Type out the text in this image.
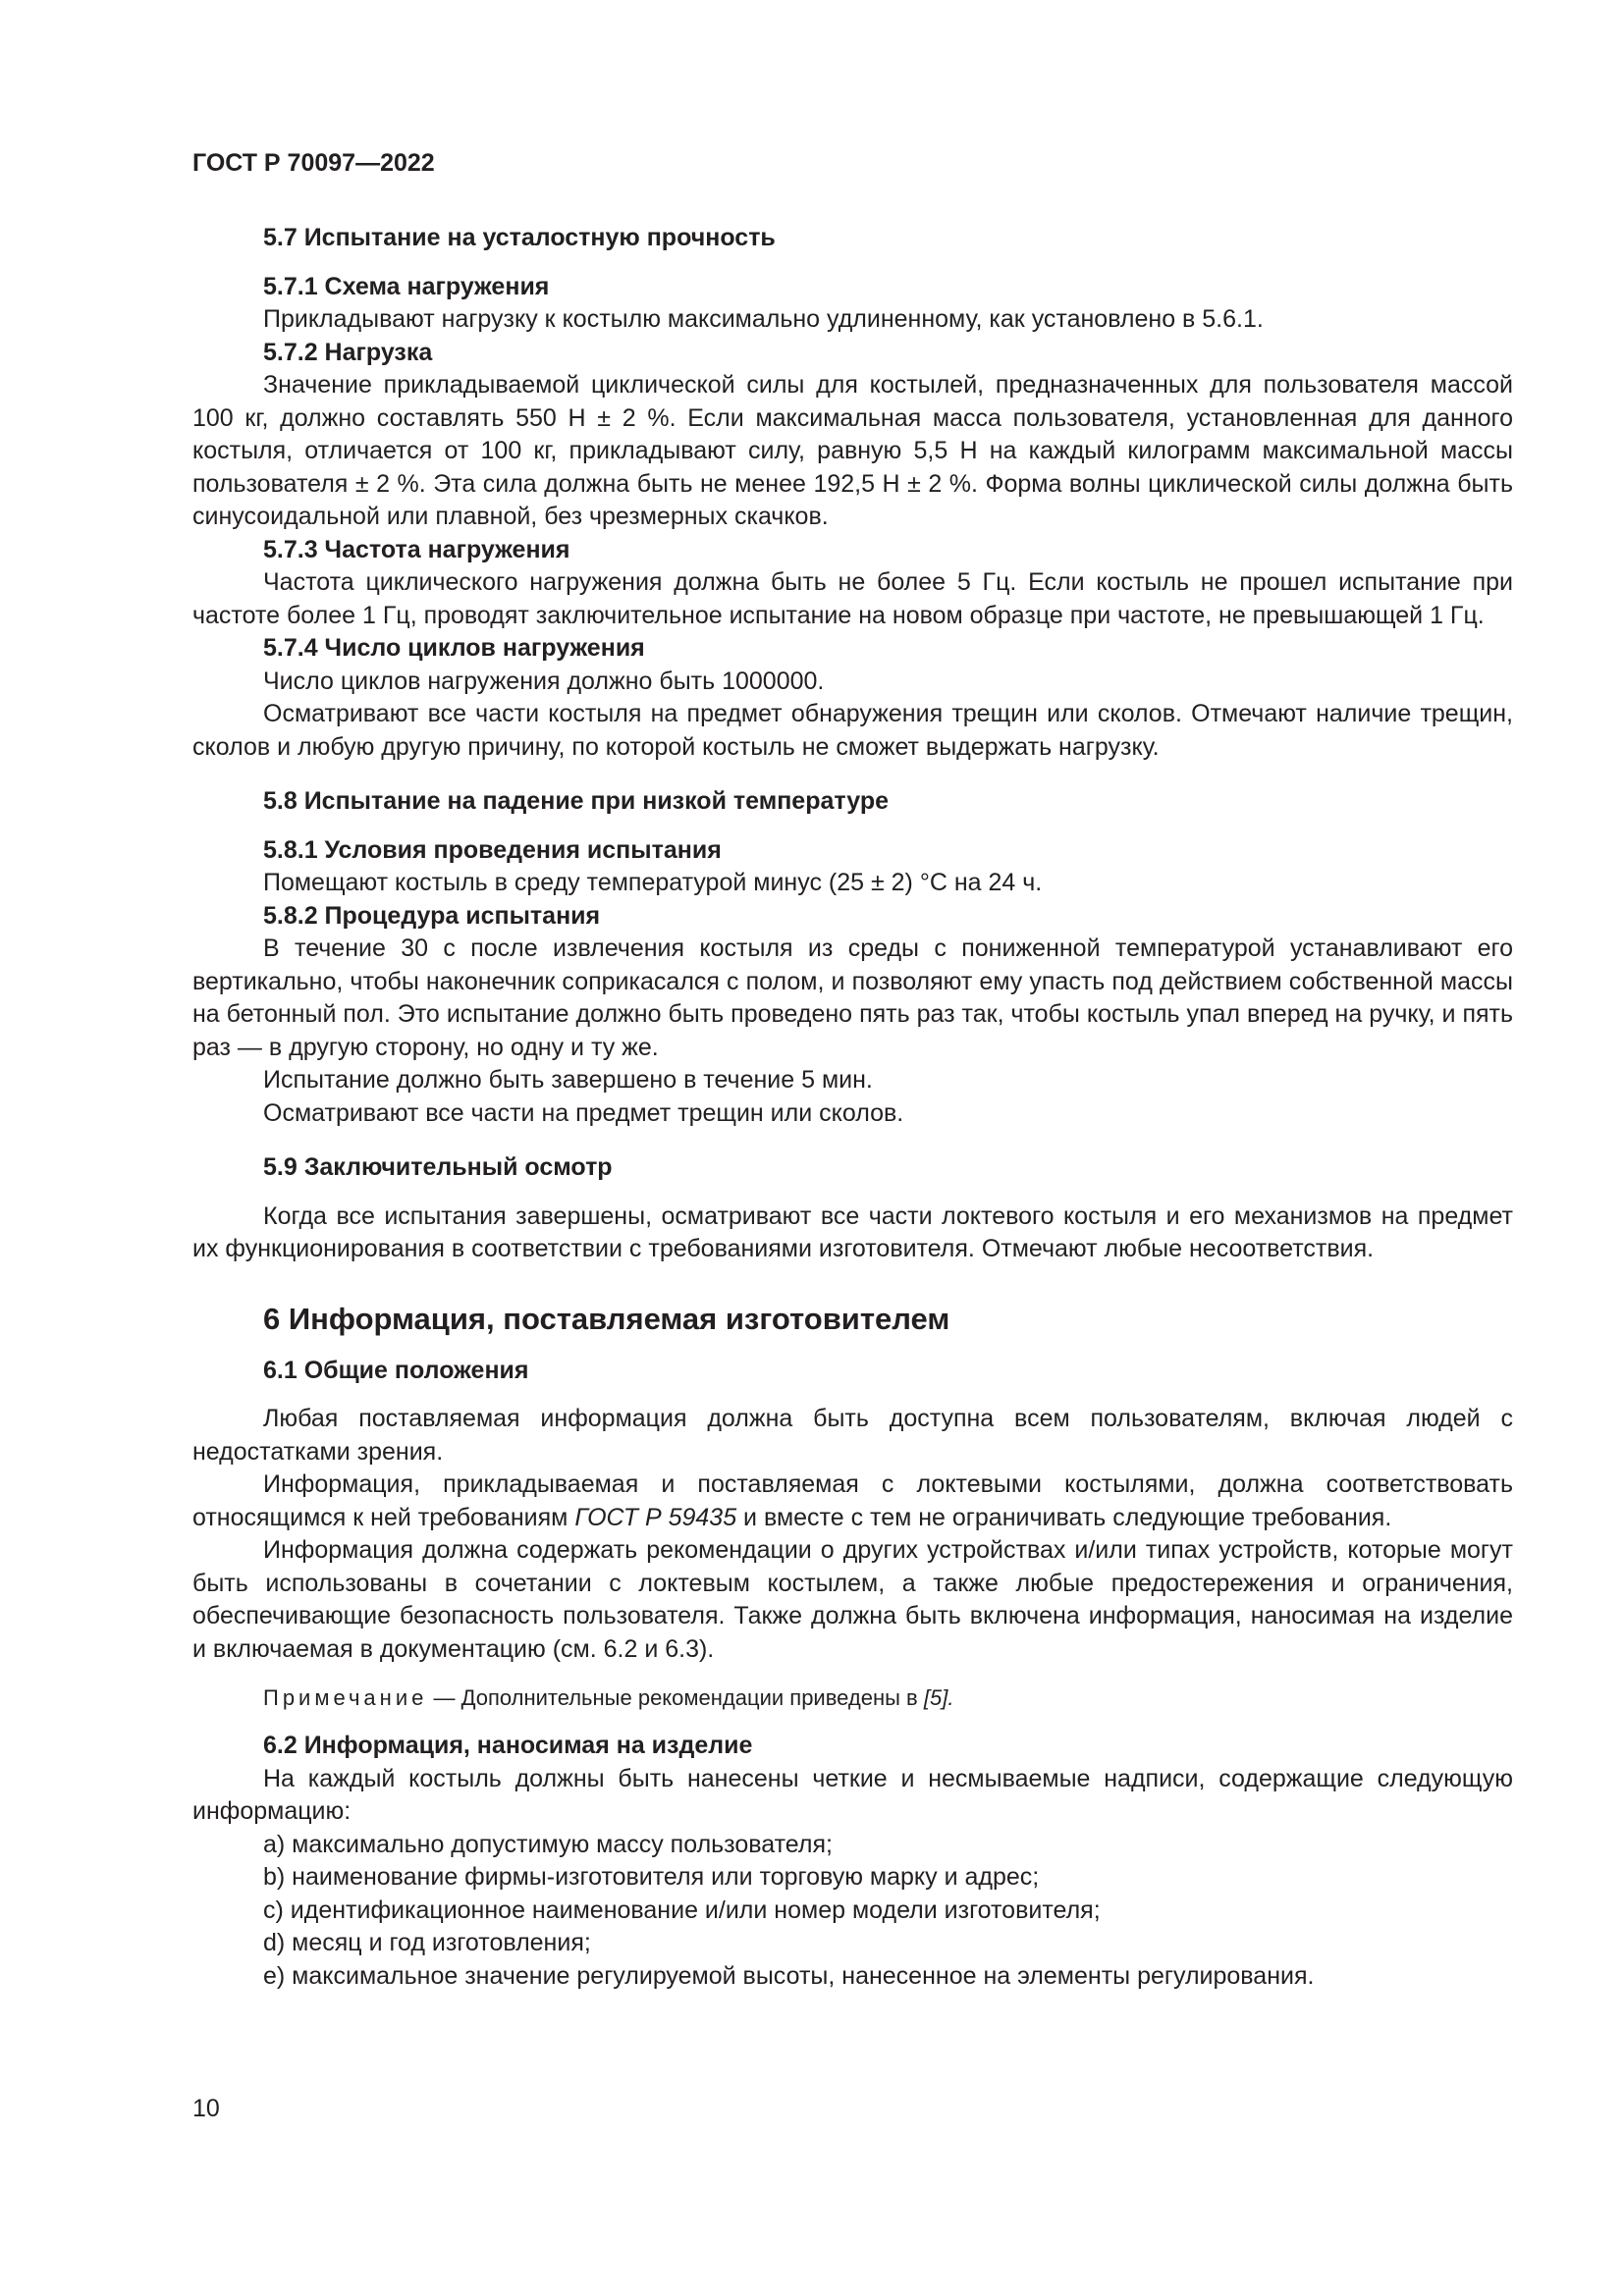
ГОСТ Р 70097—2022
5.7 Испытание на усталостную прочность
5.7.1 Схема нагружения

Прикладывают нагрузку к костылю максимально удлиненному, как установлено в 5.6.1.

5.7.2 Нагрузка

Значение прикладываемой циклической силы для костылей, предназначенных для пользователя массой 100 кг, должно составлять 550 Н ± 2 %. Если максимальная масса пользователя, установленная для данного костыля, отличается от 100 кг, прикладывают силу, равную 5,5 Н на каждый килограмм максимальной массы пользователя ± 2 %. Эта сила должна быть не менее 192,5 Н ± 2 %. Форма волны циклической силы должна быть синусоидальной или плавной, без чрезмерных скачков.

5.7.3 Частота нагружения

Частота циклического нагружения должна быть не более 5 Гц. Если костыль не прошел испытание при частоте более 1 Гц, проводят заключительное испытание на новом образце при частоте, не превышающей 1 Гц.

5.7.4 Число циклов нагружения

Число циклов нагружения должно быть 1000000.

Осматривают все части костыля на предмет обнаружения трещин или сколов. Отмечают наличие трещин, сколов и любую другую причину, по которой костыль не сможет выдержать нагрузку.

5.8 Испытание на падение при низкой температуре
5.8.1 Условия проведения испытания

Помещают костыль в среду температурой минус (25 ± 2) °С на 24 ч.

5.8.2 Процедура испытания

В течение 30 с после извлечения костыля из среды с пониженной температурой устанавливают его вертикально, чтобы наконечник соприкасался с полом, и позволяют ему упасть под действием собственной массы на бетонный пол. Это испытание должно быть проведено пять раз так, чтобы костыль упал вперед на ручку, и пять раз — в другую сторону, но одну и ту же.

Испытание должно быть завершено в течение 5 мин.

Осматривают все части на предмет трещин или сколов.

5.9 Заключительный осмотр

Когда все испытания завершены, осматривают все части локтевого костыля и его механизмов на предмет их функционирования в соответствии с требованиями изготовителя. Отмечают любые несоответствия.

6 Информация, поставляемая изготовителем
6.1 Общие положения

Любая поставляемая информация должна быть доступна всем пользователям, включая людей с недостатками зрения.

Информация, прикладываемая и поставляемая с локтевыми костылями, должна соответствовать относящимся к ней требованиям ГОСТ Р 59435 и вместе с тем не ограничивать следующие требования.

Информация должна содержать рекомендации о других устройствах и/или типах устройств, которые могут быть использованы в сочетании с локтевым костылем, а также любые предостережения и ограничения, обеспечивающие безопасность пользователя. Также должна быть включена информация, наносимая на изделие и включаемая в документацию (см. 6.2 и 6.3).

Примечание — Дополнительные рекомендации приведены в [5].
6.2 Информация, наносимая на изделие

На каждый костыль должны быть нанесены четкие и несмываемые надписи, содержащие следующую информацию:

а) максимально допустимую массу пользователя;
b) наименование фирмы-изготовителя или торговую марку и адрес;
с) идентификационное наименование и/или номер модели изготовителя;
d) месяц и год изготовления;
е) максимальное значение регулируемой высоты, нанесенное на элементы регулирования.
10
